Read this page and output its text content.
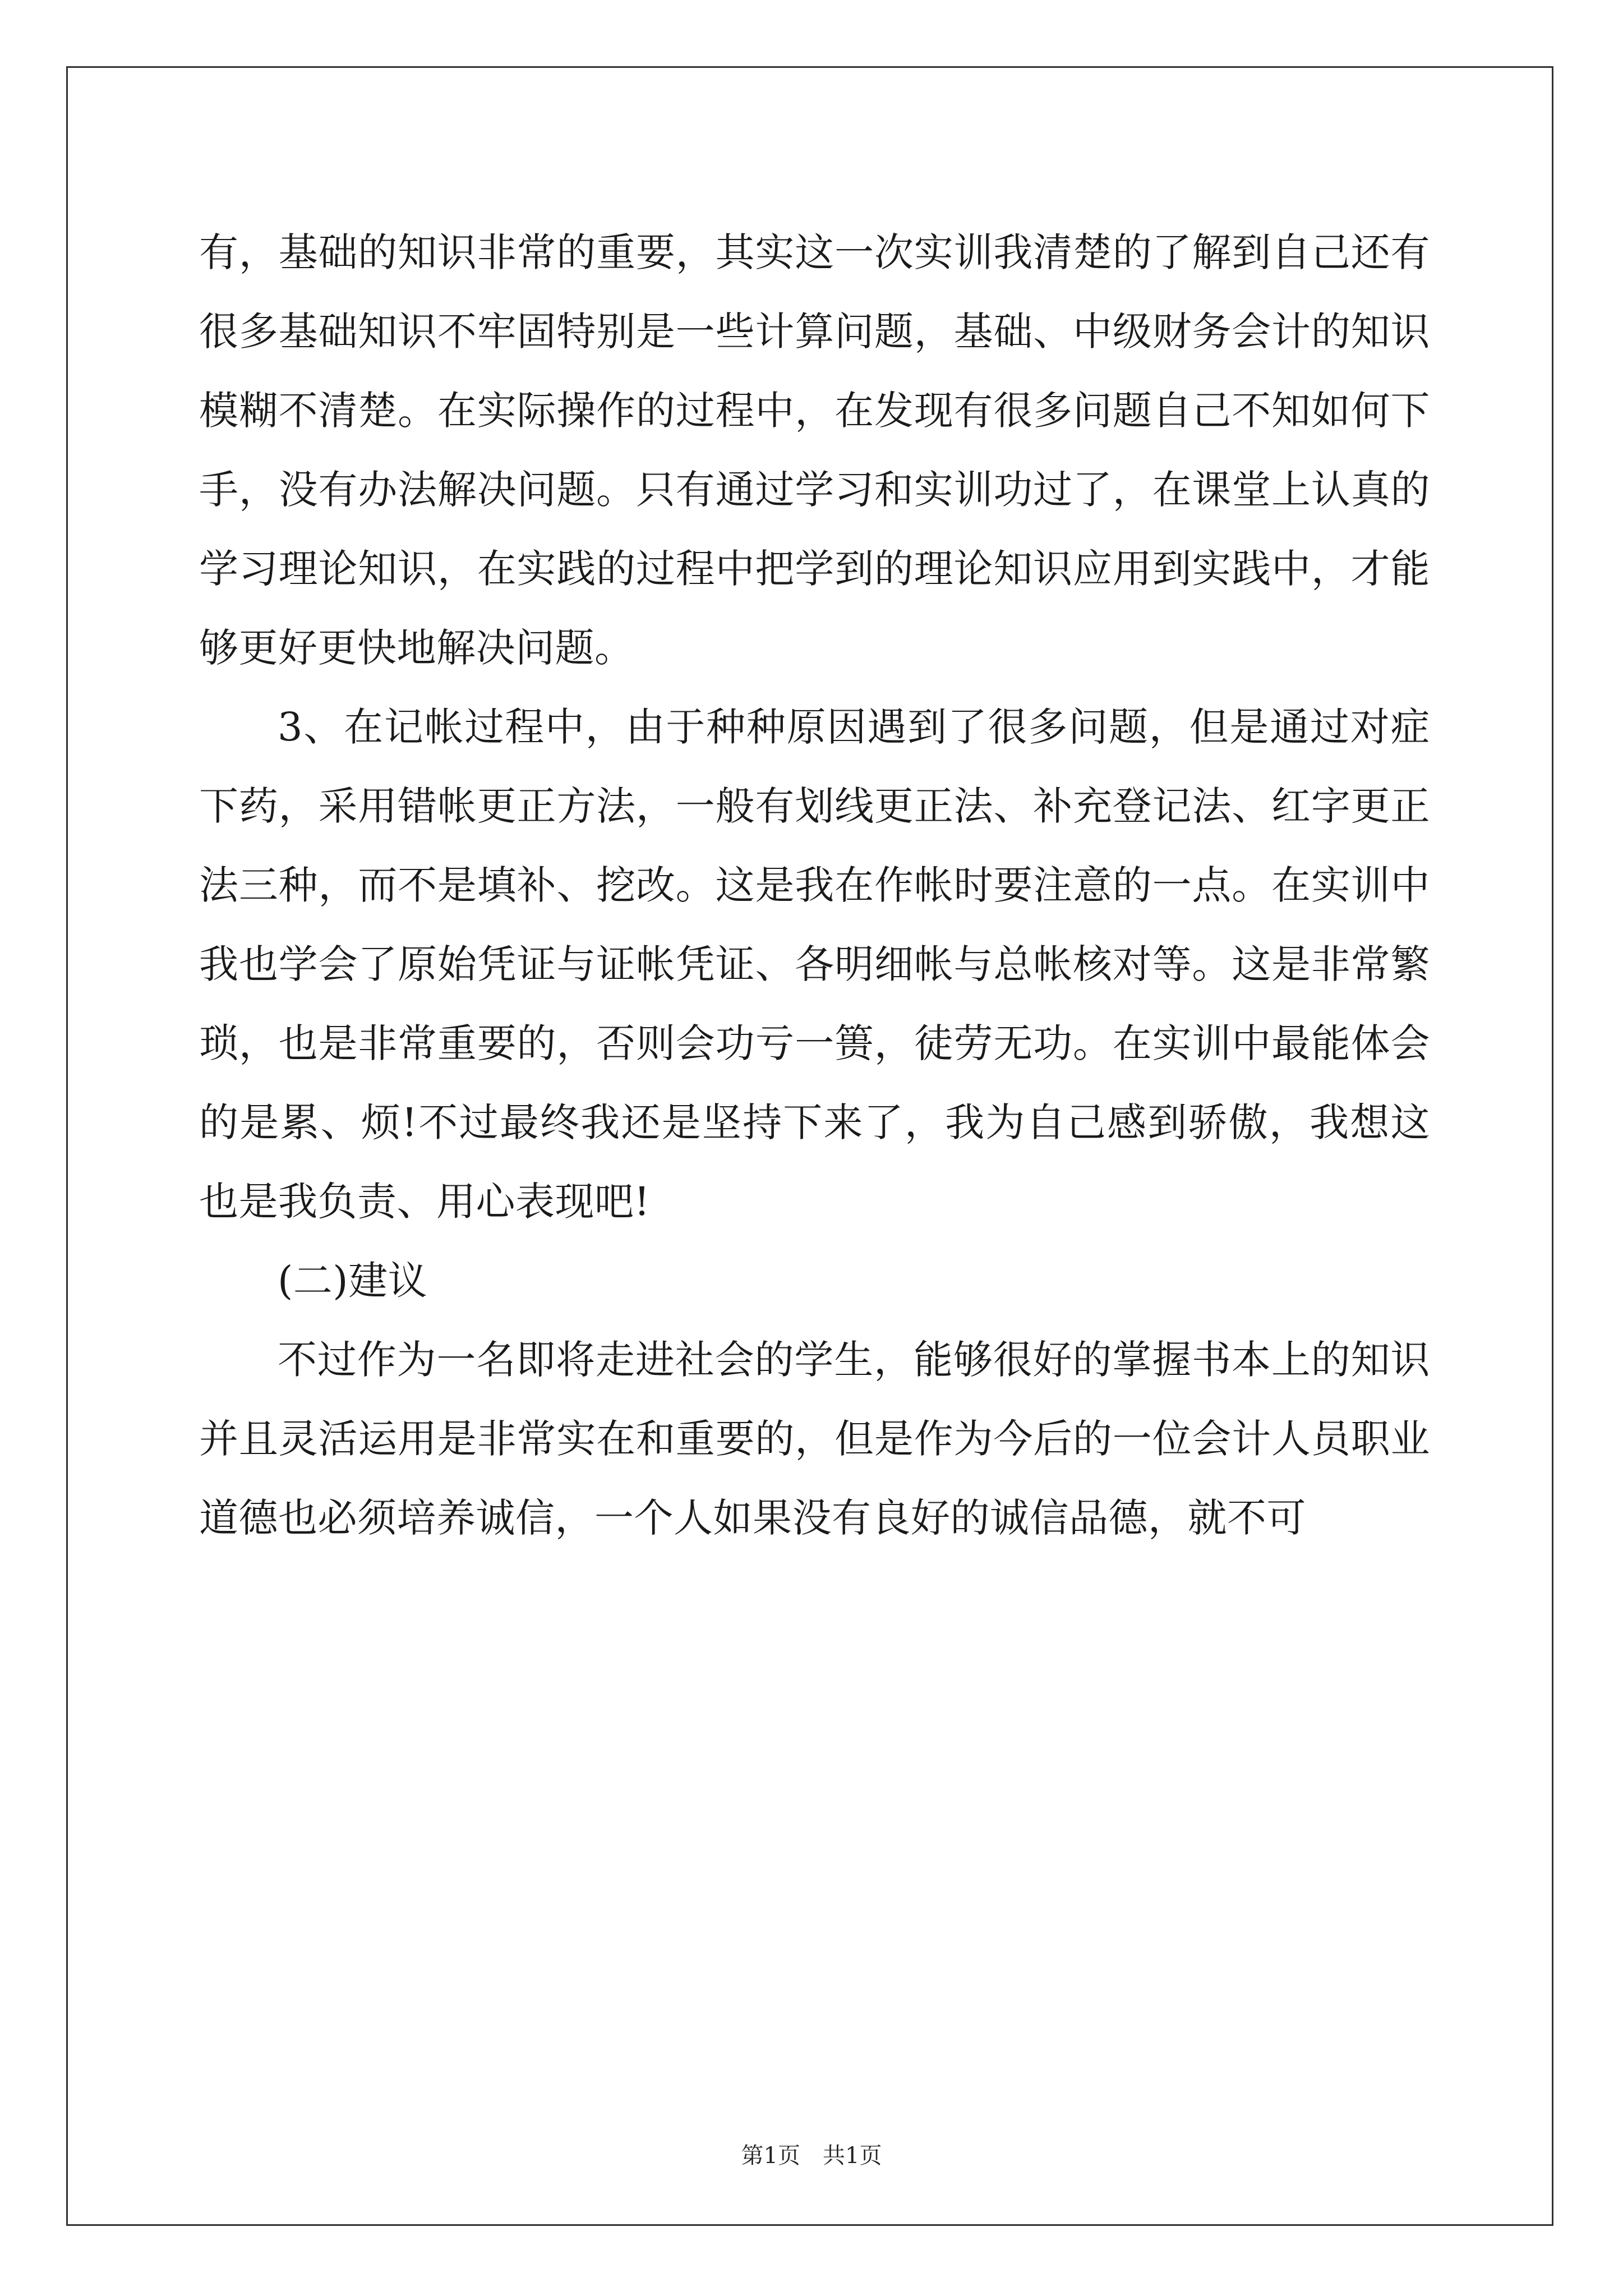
有，基础的知识非常的重要，其实这一次实训我清楚的了解到自己还有很多基础知识不牢固特别是一些计算问题，基础、中级财务会计的知识模糊不清楚。在实际操作的过程中，在发现有很多问题自己不知如何下手，没有办法解决问题。只有通过学习和实训功过了，在课堂上认真的学习理论知识，在实践的过程中把学到的理论知识应用到实践中，才能够更好更快地解决问题。

3、在记帐过程中，由于种种原因遇到了很多问题，但是通过对症下药，采用错帐更正方法，一般有划线更正法、补充登记法、红字更正法三种，而不是填补、挖改。这是我在作帐时要注意的一点。在实训中我也学会了原始凭证与证帐凭证、各明细帐与总帐核对等。这是非常繁琐，也是非常重要的，否则会功亏一篑，徒劳无功。在实训中最能体会的是累、烦!不过最终我还是坚持下来了，我为自己感到骄傲，我想这也是我负责、用心表现吧!

(二)建议

不过作为一名即将走进社会的学生，能够很好的掌握书本上的知识并且灵活运用是非常实在和重要的，但是作为今后的一位会计人员职业道德也必须培养诚信，一个人如果没有良好的诚信品德，就不可

第1页　共1页
